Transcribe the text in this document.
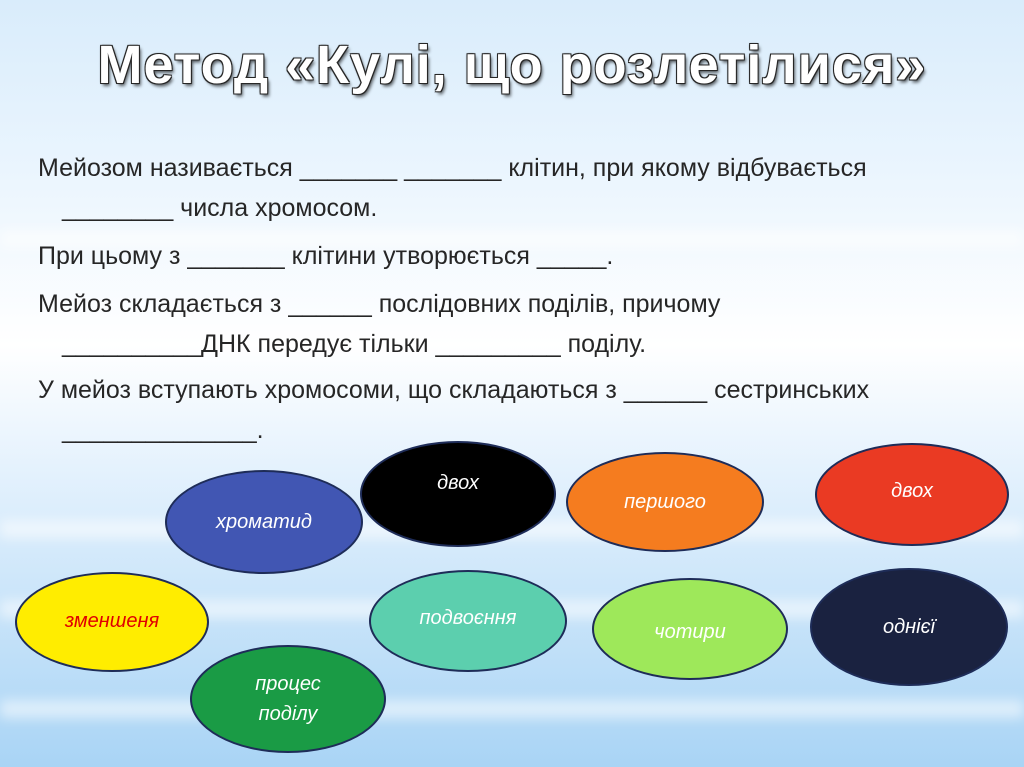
Метод «Кулі, що розлетілися»
Мейозом називається _______ _______ клітин, при якому відбувається
________ числа хромосом.
При цьому з _______ клітини утворюється _____.
Мейоз складається з ______ послідовних поділів, причому
__________ДНК передує тільки _________ поділу.
У мейоз вступають хромосоми, що складаються з ______ сестринських
______________.
двох
хроматид
першого
двох
зменшеня	подвоєння
чотири	однієї
процес поділу
